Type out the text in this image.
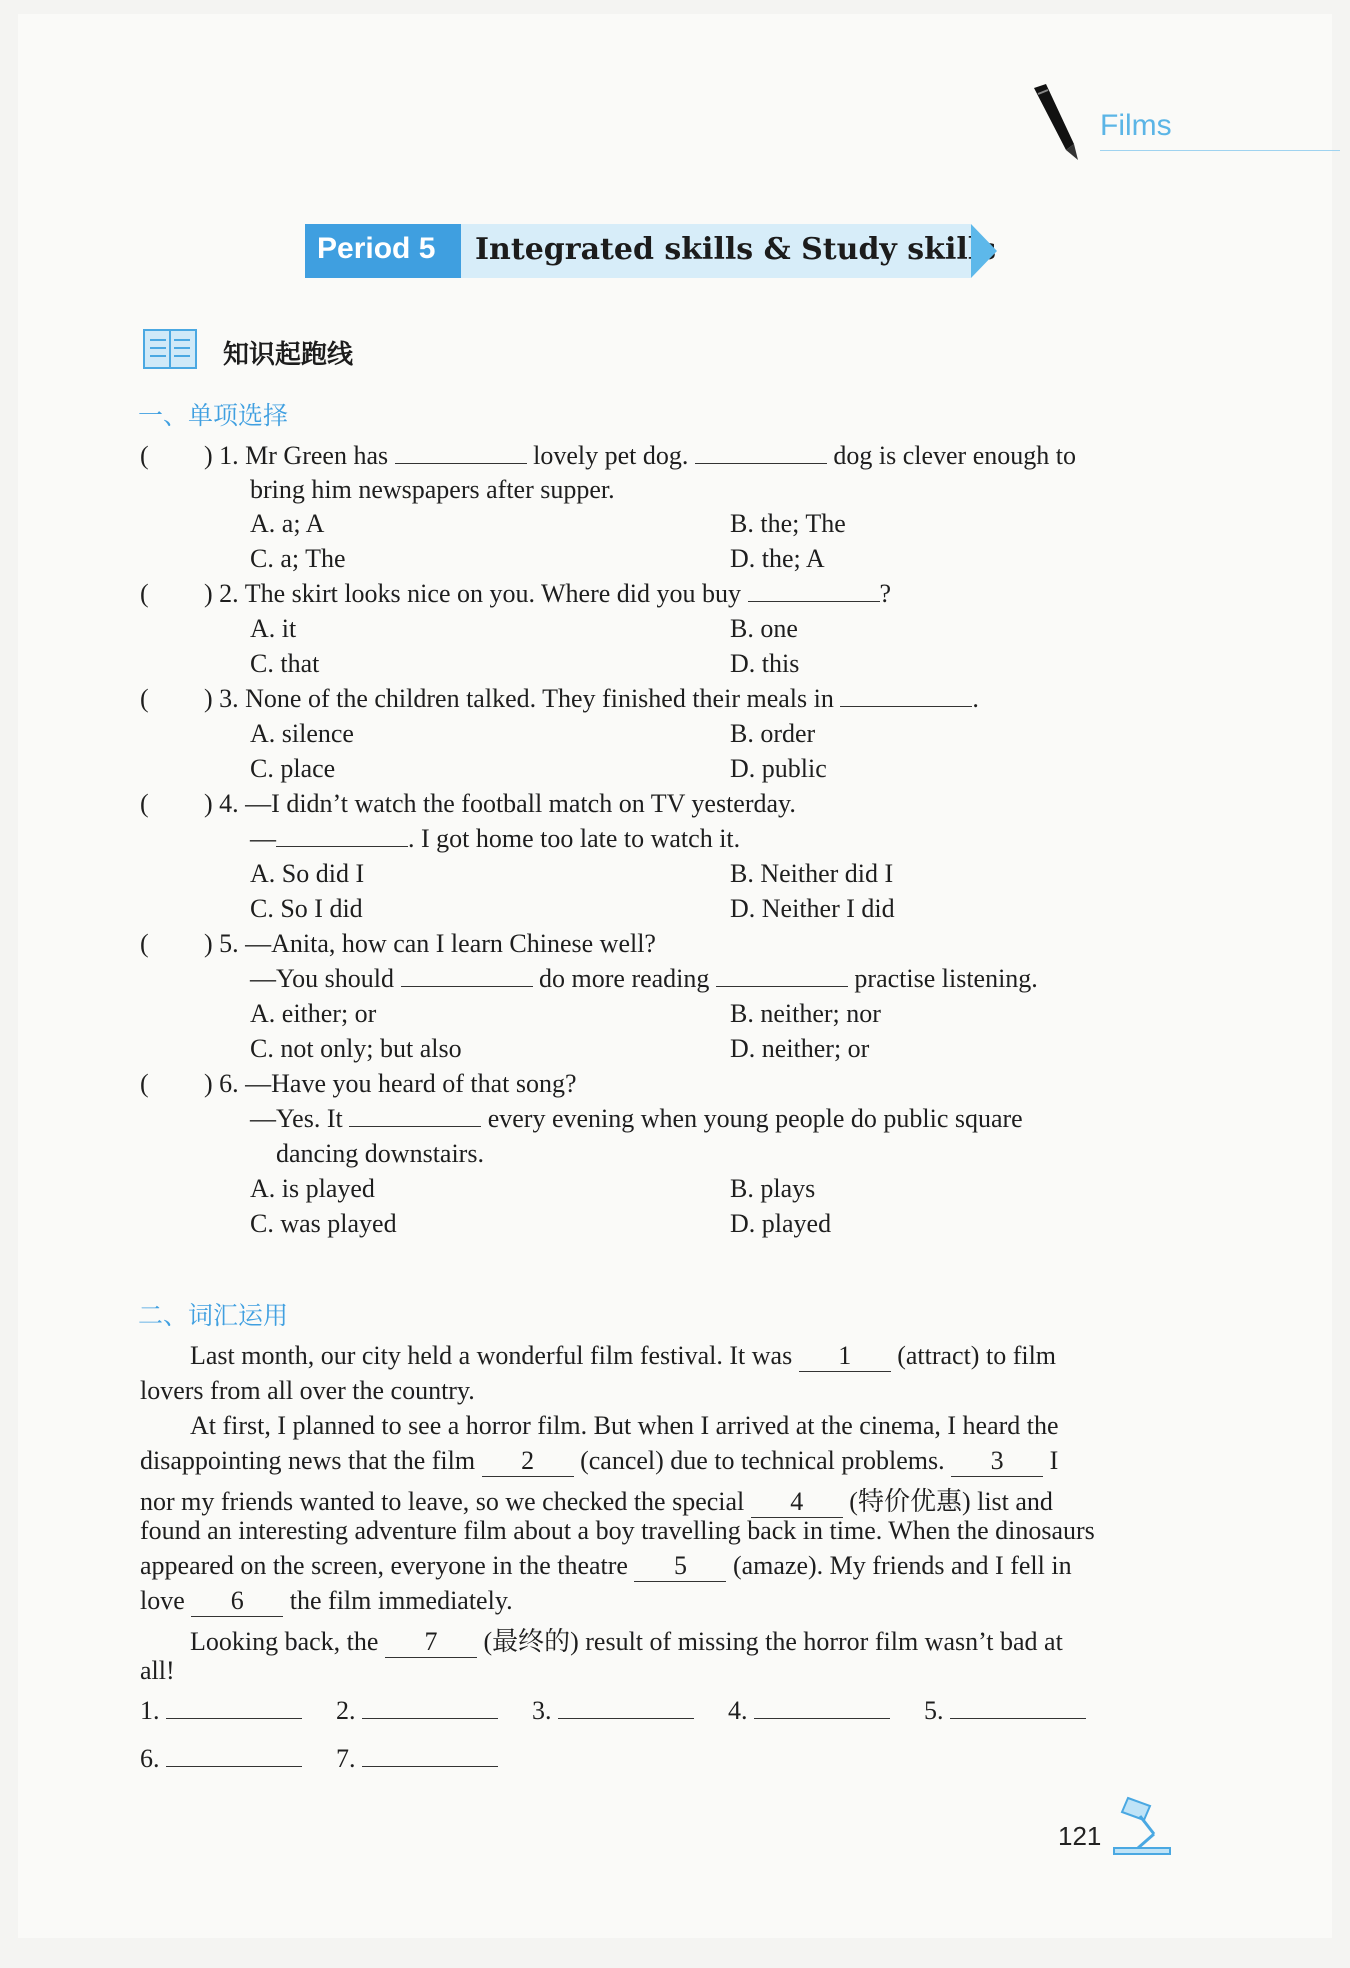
Films
Period 5 Integrated skills & Study skills
知识起跑线
一、单项选择
( ) 1. Mr Green has	lovely pet dog.	dog is clever enough to
bring him newspapers after supper.
A. a; A	B. the; The
C. a; The	D. the; A
( ) 2. The skirt looks nice on you. Where did you buy	?
A. it	B. one
C. that	D. this
( ) 3. None of the children talked. They finished their meals in	.
A. silence	B. order
C. place	D. public
( ) 4. —I didn’t watch the football match on TV yesterday.
—	. I got home too late to watch it.
A. So did I	B. Neither did I
C. So I did	D. Neither I did
( ) 5. —Anita, how can I learn Chinese well?
—You should	do more reading	practise listening.
A. either; or	B. neither; nor
C. not only; but also	D. neither; or
( ) 6. —Have you heard of that song?
—Yes. It	every evening when young people do public square
dancing downstairs.
A. is played	B. plays
C. was played	D. played
二、词汇运用
Last month, our city held a wonderful film festival. It was 1 (attract) to film
lovers from all over the country.
At first, I planned to see a horror film. But when I arrived at the cinema, I heard the
disappointing news that the film 2 (cancel) due to technical problems. 3 I
nor my friends wanted to leave, so we checked the special 4 (特价优惠) list and
found an interesting adventure film about a boy travelling back in time. When the dinosaurs
appeared on the screen, everyone in the theatre 5 (amaze). My friends and I fell in
love 6 the film immediately.
Looking back, the 7 (最终的) result of missing the horror film wasn’t bad at
all!
1.	2.	3.	4.	5.
6.	7.
121
